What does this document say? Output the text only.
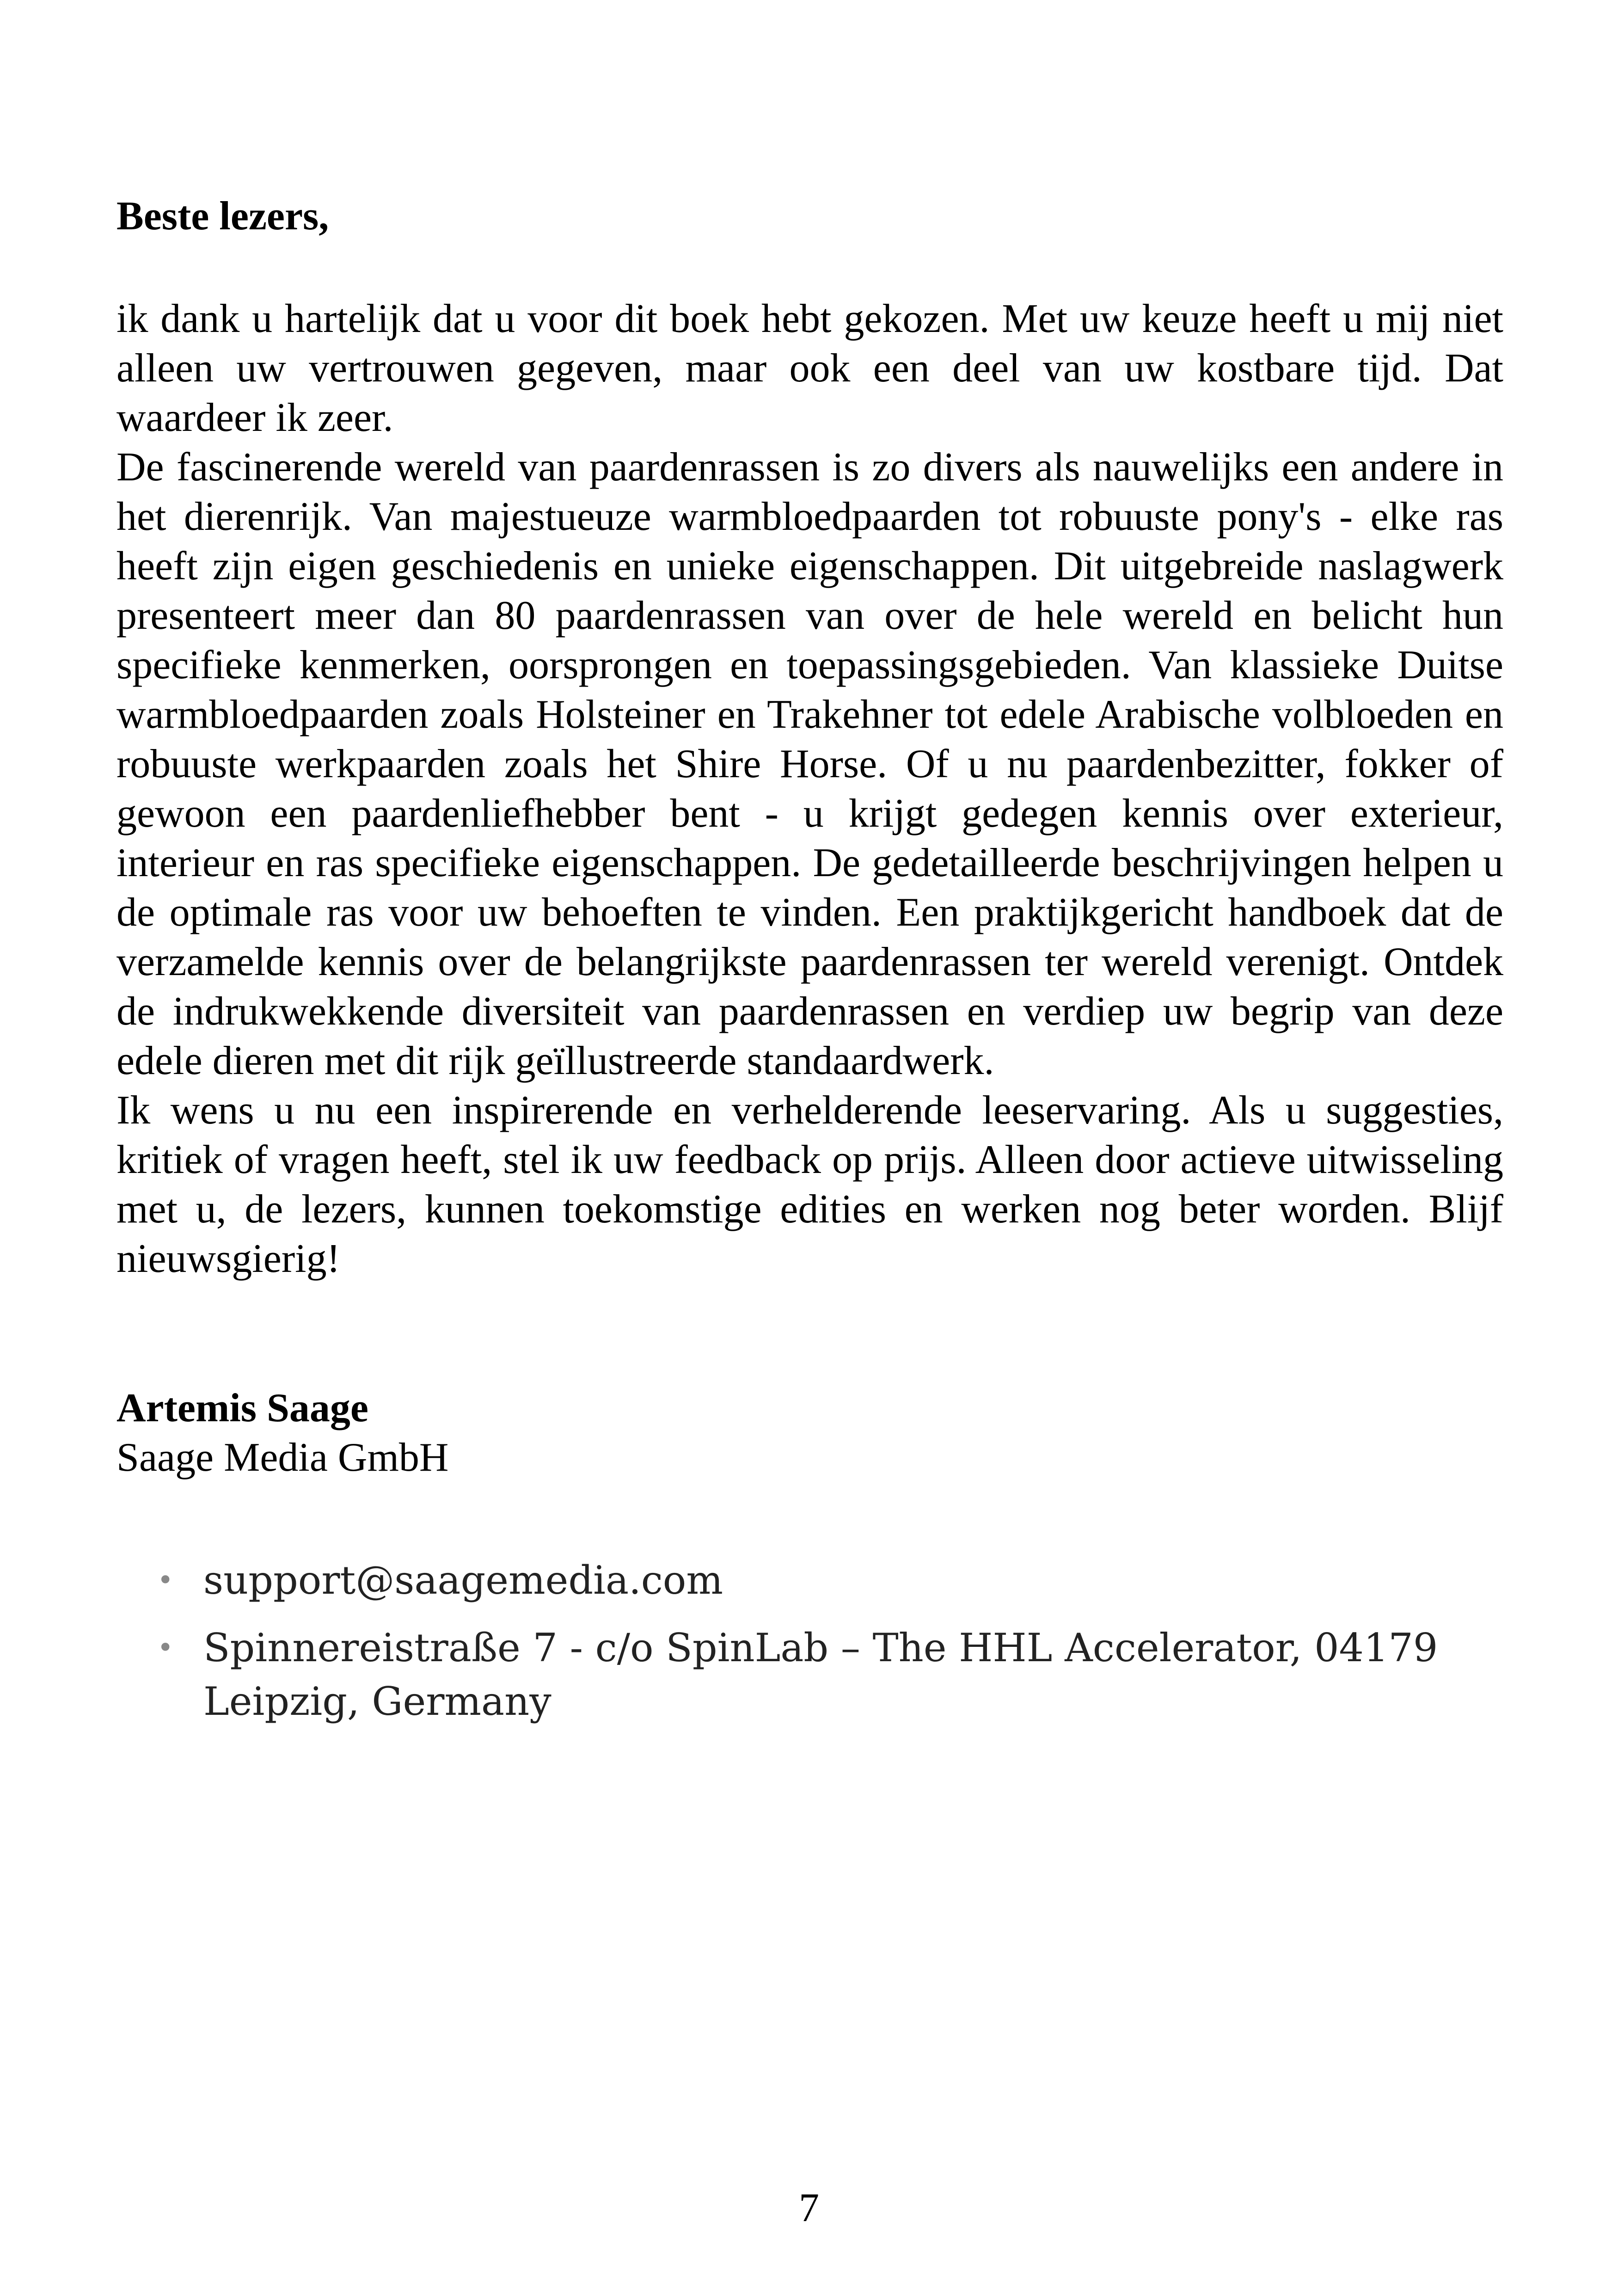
Beste lezers,

ik dank u hartelijk dat u voor dit boek hebt gekozen. Met uw keuze heeft u mij niet alleen uw vertrouwen gegeven, maar ook een deel van uw kostbare tijd. Dat waardeer ik zeer.

De fascinerende wereld van paardenrassen is zo divers als nauwelijks een andere in het dierenrijk. Van majestueuze warmbloedpaarden tot robuuste pony's - elke ras heeft zijn eigen geschiedenis en unieke eigenschappen. Dit uitgebreide naslagwerk presenteert meer dan 80 paardenrassen van over de hele wereld en belicht hun specifieke kenmerken, oorsprongen en toepassingsgebieden. Van klassieke Duitse warmbloedpaarden zoals Holsteiner en Trakehner tot edele Arabische volbloeden en robuuste werkpaarden zoals het Shire Horse. Of u nu paardenbezitter, fokker of gewoon een paardenliefhebber bent - u krijgt gedegen kennis over exterieur, interieur en ras specifieke eigenschappen. De gedetailleerde beschrijvingen helpen u de optimale ras voor uw behoeften te vinden. Een praktijkgericht handboek dat de verzamelde kennis over de belangrijkste paardenrassen ter wereld verenigt. Ontdek de indrukwekkende diversiteit van paardenrassen en verdiep uw begrip van deze edele dieren met dit rijk geïllustreerde standaardwerk.

Ik wens u nu een inspirerende en verhelderende leeservaring. Als u suggesties, kritiek of vragen heeft, stel ik uw feedback op prijs. Alleen door actieve uitwisseling met u, de lezers, kunnen toekomstige edities en werken nog beter worden. Blijf nieuwsgierig!

Artemis Saage
Saage Media GmbH
• support@saagemedia.com
• Spinnereistraße 7 - c/o SpinLab – The HHL Accelerator, 04179 Leipzig, Germany
7
